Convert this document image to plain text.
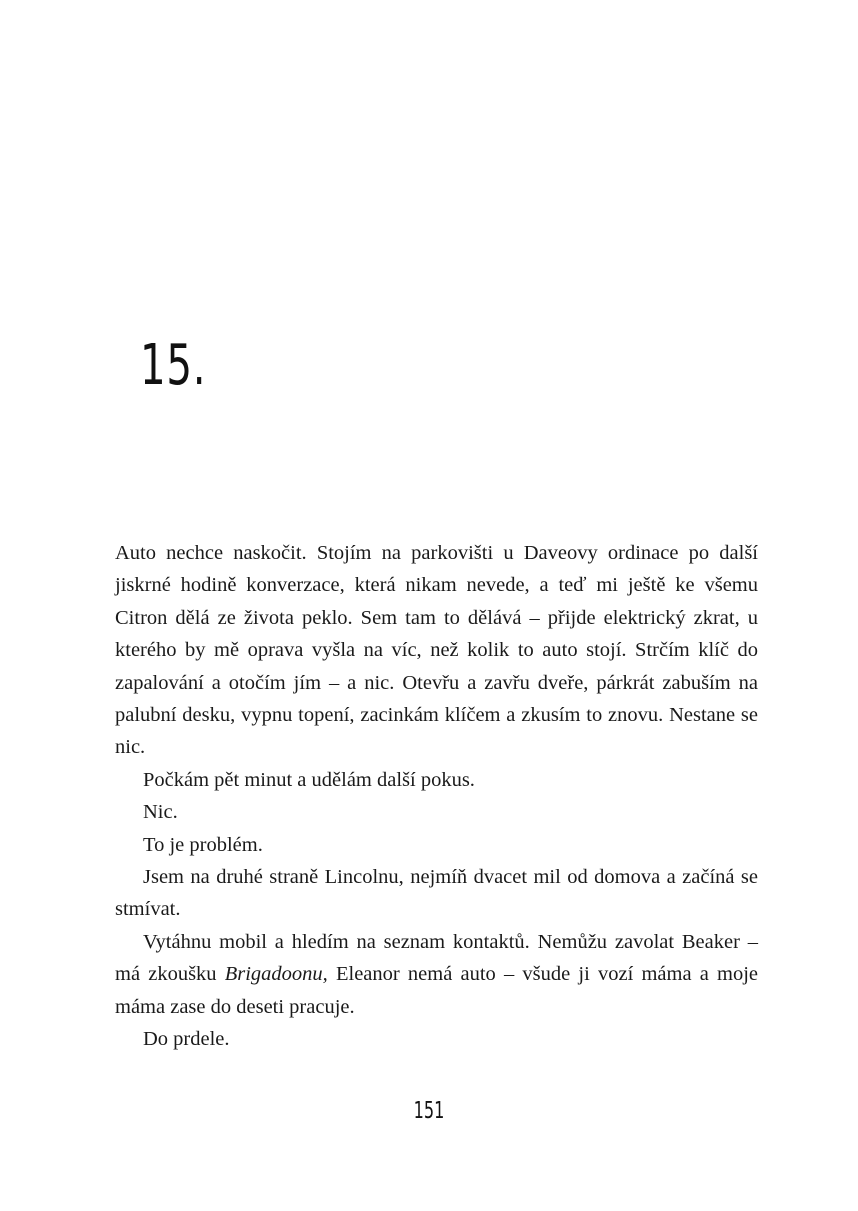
15.

Auto nechce naskočit. Stojím na parkovišti u Daveovy ordinace po další jiskrné hodině konverzace, která nikam nevede, a teď mi ještě ke všemu Citron dělá ze života peklo. Sem tam to dělává – přijde elektrický zkrat, u kterého by mě oprava vyšla na víc, než kolik to auto stojí. Strčím klíč do zapalování a otočím jím – a nic. Otevřu a zavřu dveře, párkrát zabuším na palubní desku, vypnu topení, zacinkám klíčem a zkusím to znovu. Nestane se nic.

Počkám pět minut a udělám další pokus.

Nic.

To je problém.

Jsem na druhé straně Lincolnu, nejmíň dvacet mil od domova a začíná se stmívat.

Vytáhnu mobil a hledím na seznam kontaktů. Nemůžu zavolat Beaker – má zkoušku Brigadoonu, Eleanor nemá auto – všude ji vozí máma a moje máma zase do deseti pracuje.

Do prdele.

151
